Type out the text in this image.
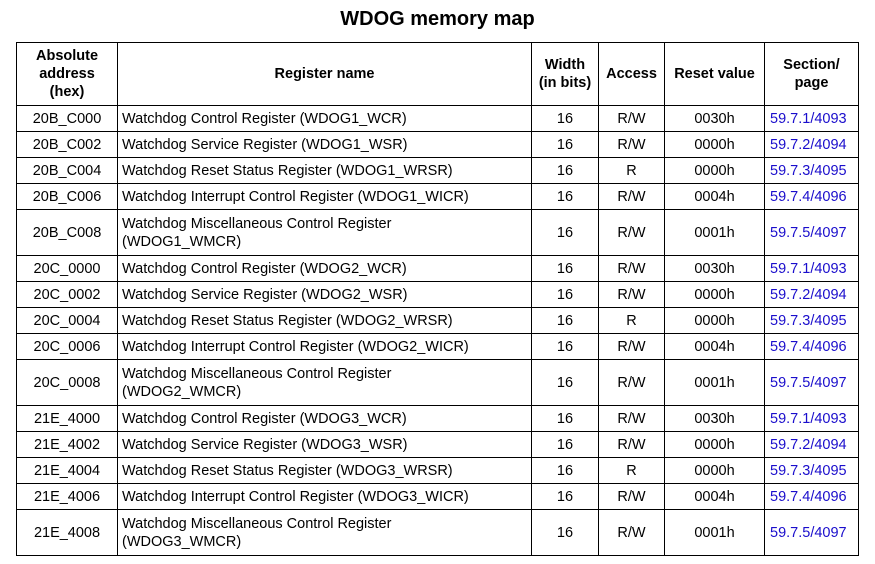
WDOG memory map
Absolute address (hex)	Register name	Width (in bits)	Access	Reset value	Section/ page

20B_C000	Watchdog Control Register (WDOG1_WCR)	16	R/W	0030h	59.7.1/4093
20B_C002	Watchdog Service Register (WDOG1_WSR)	16	R/W	0000h	59.7.2/4094
20B_C004	Watchdog Reset Status Register (WDOG1_WRSR)	16	R	0000h	59.7.3/4095
20B_C006	Watchdog Interrupt Control Register (WDOG1_WICR)	16	R/W	0004h	59.7.4/4096
20B_C008	Watchdog Miscellaneous Control Register (WDOG1_WMCR)	16	R/W	0001h	59.7.5/4097
20C_0000	Watchdog Control Register (WDOG2_WCR)	16	R/W	0030h	59.7.1/4093
20C_0002	Watchdog Service Register (WDOG2_WSR)	16	R/W	0000h	59.7.2/4094
20C_0004	Watchdog Reset Status Register (WDOG2_WRSR)	16	R	0000h	59.7.3/4095
20C_0006	Watchdog Interrupt Control Register (WDOG2_WICR)	16	R/W	0004h	59.7.4/4096
20C_0008	Watchdog Miscellaneous Control Register (WDOG2_WMCR)	16	R/W	0001h	59.7.5/4097
21E_4000	Watchdog Control Register (WDOG3_WCR)	16	R/W	0030h	59.7.1/4093
21E_4002	Watchdog Service Register (WDOG3_WSR)	16	R/W	0000h	59.7.2/4094
21E_4004	Watchdog Reset Status Register (WDOG3_WRSR)	16	R	0000h	59.7.3/4095
21E_4006	Watchdog Interrupt Control Register (WDOG3_WICR)	16	R/W	0004h	59.7.4/4096
21E_4008	Watchdog Miscellaneous Control Register (WDOG3_WMCR)	16	R/W	0001h	59.7.5/4097
